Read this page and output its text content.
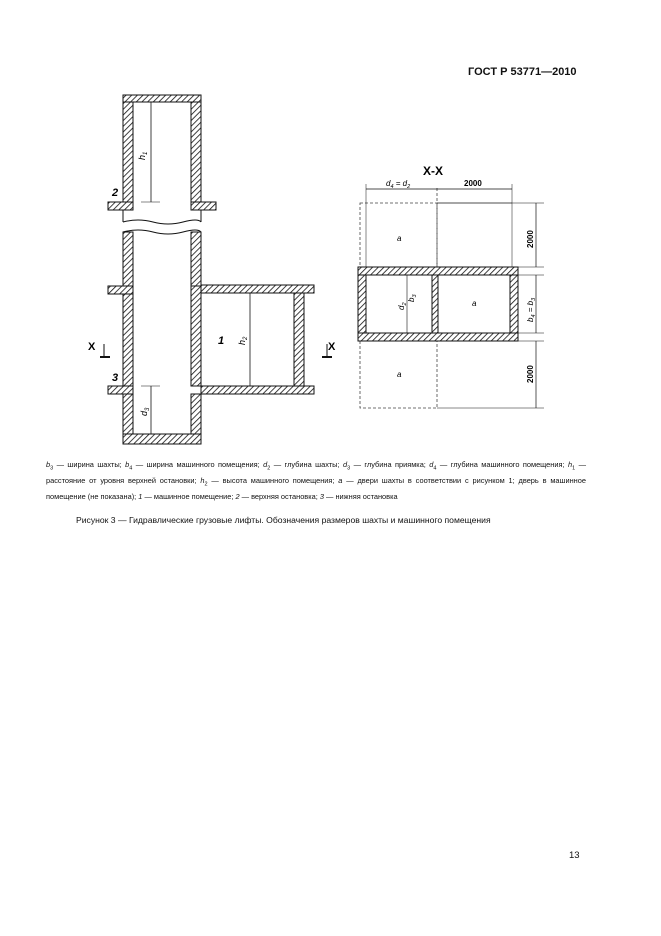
ГОСТ Р 53771—2010
$h_1$
$h_2$
$d_3$
2
3
1
X	X
X-X
$d_4 = d_2$	2000
2000
$b_4 = b_3$
2000
$d_2$
$b_3$
a
a
a
$b_3$ — ширина шахты; $b_4$ — ширина машинного помещения; $d_2$ — глубина шахты; $d_3$ — глубина приямка; $d_4$ — глубина машинного помещения; $h_1$ — расстояние от уровня верхней остановки; $h_2$ — высота машинного помещения; a — двери шахты в соответствии с рисунком 1; дверь в машинное помещение (не показана); 1 — машинное помещение; 2 — верхняя остановка; 3 — нижняя остановка
Рисунок 3 — Гидравлические грузовые лифты. Обозначения размеров шахты и машинного помещения
13
